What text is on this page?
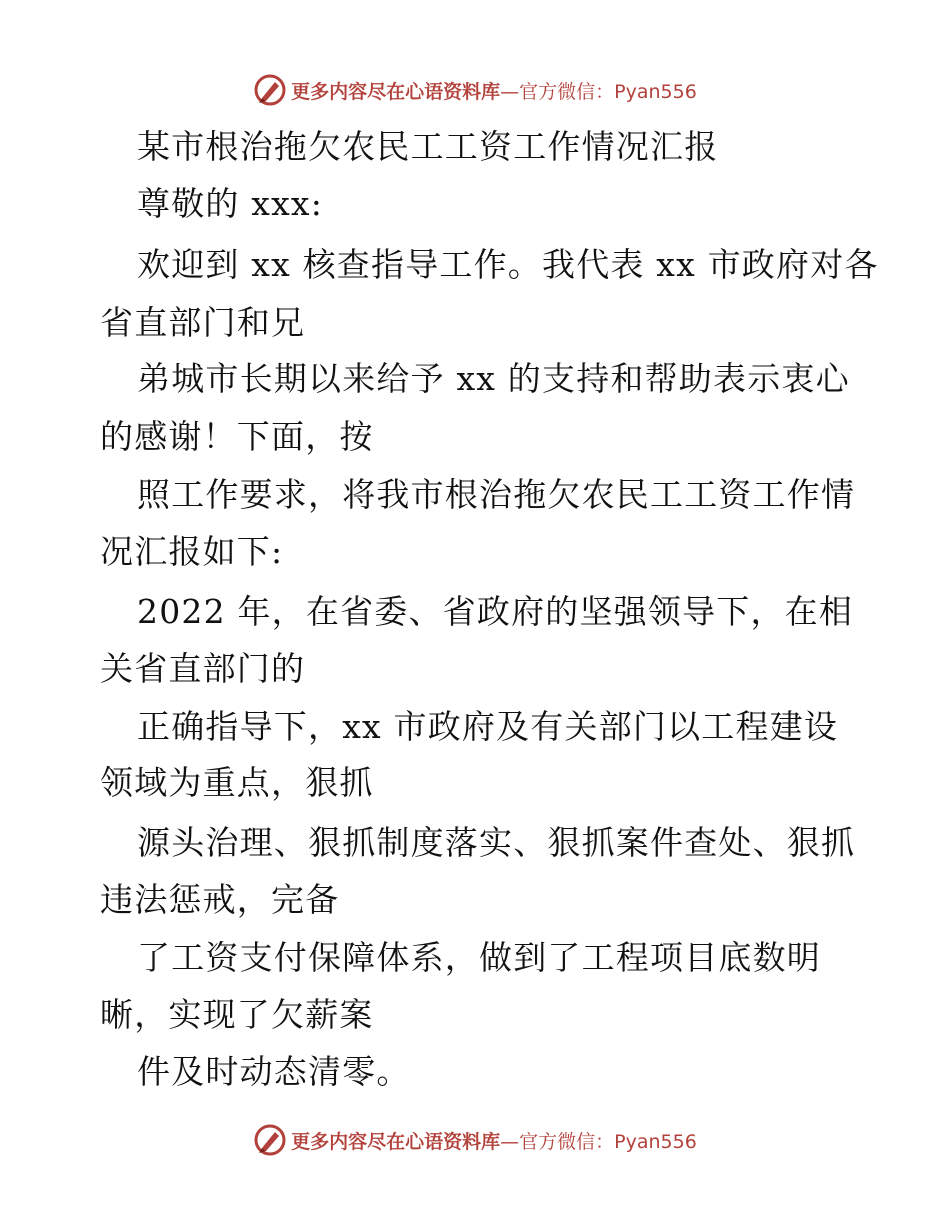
更多内容尽在心语资料库 —官方微信：Pyan556
某市根治拖欠农民工工资工作情况汇报
尊敬的 xxx:
欢迎到 xx 核查指导工作。我代表 xx 市政府对各
省直部门和兄
弟城市长期以来给予 xx 的支持和帮助表示衷心
的感谢！下面，按
照工作要求，将我市根治拖欠农民工工资工作情
况汇报如下:
2022 年，在省委、省政府的坚强领导下，在相
关省直部门的
正确指导下，xx 市政府及有关部门以工程建设
领域为重点，狠抓
源头治理、狠抓制度落实、狠抓案件查处、狠抓
违法惩戒，完备
了工资支付保障体系，做到了工程项目底数明
晰，实现了欠薪案
件及时动态清零。
更多内容尽在心语资料库 —官方微信：Pyan556
